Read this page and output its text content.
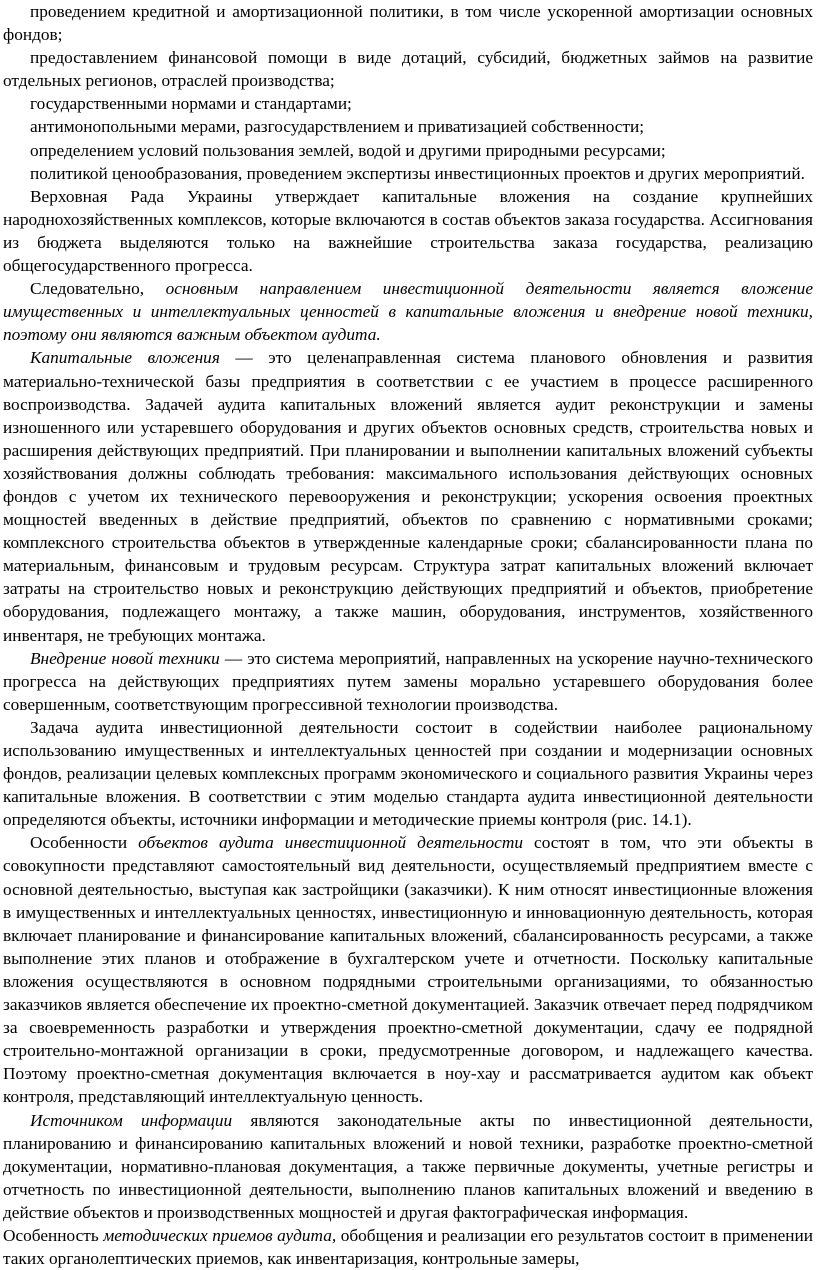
проведением кредитной и амортизационной политики, в том числе ускоренной амортизации основных фондов;

предоставлением финансовой помощи в виде дотаций, субсидий, бюджетных займов на развитие отдельных регионов, отраслей производства;

государственными нормами и стандартами;

антимонопольными мерами, разгосударствлением и приватизацией собственности;

определением условий пользования землей, водой и другими природными ресурсами;

политикой ценообразования, проведением экспертизы инвестиционных проектов и других мероприятий.

Верховная Рада Украины утверждает капитальные вложения на создание крупнейших народнохозяйственных комплексов, которые включаются в состав объектов заказа государства. Ассигнования из бюджета выделяются только на важнейшие строительства заказа государства, реализацию общегосударственного прогресса.

Следовательно, основным направлением инвестиционной деятельности является вложение имущественных и интеллектуальных ценностей в капитальные вложения и внедрение новой техники, поэтому они являются важным объектом аудита.

Капитальные вложения — это целенаправленная система планового обновления и развития материально-технической базы предприятия в соответствии с ее участием в процессе расширенного воспроизводства. Задачей аудита капитальных вложений является аудит реконструкции и замены изношенного или устаревшего оборудования и других объектов основных средств, строительства новых и расширения действующих предприятий. При планировании и выполнении капитальных вложений субъекты хозяйствования должны соблюдать требования: максимального использования действующих основных фондов с учетом их технического перевооружения и реконструкции; ускорения освоения проектных мощностей введенных в действие предприятий, объектов по сравнению с нормативными сроками; комплексного строительства объектов в утвержденные календарные сроки; сбалансированности плана по материальным, финансовым и трудовым ресурсам. Структура затрат капитальных вложений включает затраты на строительство новых и реконструкцию действующих предприятий и объектов, приобретение оборудования, подлежащего монтажу, а также машин, оборудования, инструментов, хозяйственного инвентаря, не требующих монтажа.

Внедрение новой техники — это система мероприятий, направленных на ускорение научно-технического прогресса на действующих предприятиях путем замены морально устаревшего оборудования более совершенным, соответствующим прогрессивной технологии производства.

Задача аудита инвестиционной деятельности состоит в содействии наиболее рациональному использованию имущественных и интеллектуальных ценностей при создании и модернизации основных фондов, реализации целевых комплексных программ экономического и социального развития Украины через капитальные вложения. В соответствии с этим моделью стандарта аудита инвестиционной деятельности определяются объекты, источники информации и методические приемы контроля (рис. 14.1).

Особенности объектов аудита инвестиционной деятельности состоят в том, что эти объекты в совокупности представляют самостоятельный вид деятельности, осуществляемый предприятием вместе с основной деятельностью, выступая как застройщики (заказчики). К ним относят инвестиционные вложения в имущественных и интеллектуальных ценностях, инвестиционную и инновационную деятельность, которая включает планирование и финансирование капитальных вложений, сбалансированность ресурсами, а также выполнение этих планов и отображение в бухгалтерском учете и отчетности. Поскольку капитальные вложения осуществляются в основном подрядными строительными организациями, то обязанностью заказчиков является обеспечение их проектно-сметной документацией. Заказчик отвечает перед подрядчиком за своевременность разработки и утверждения проектно-сметной документации, сдачу ее подрядной строительно-монтажной организации в сроки, предусмотренные договором, и надлежащего качества. Поэтому проектно-сметная документация включается в ноу-хау и рассматривается аудитом как объект контроля, представляющий интеллектуальную ценность.

Источником информации являются законодательные акты по инвестиционной деятельности, планированию и финансированию капитальных вложений и новой техники, разработке проектно-сметной документации, нормативно-плановая документация, а также первичные документы, учетные регистры и отчетность по инвестиционной деятельности, выполнению планов капитальных вложений и введению в действие объектов и производственных мощностей и другая фактографическая информация.

Особенность методических приемов аудита, обобщения и реализации его результатов состоит в применении таких органолептических приемов, как инвентаризация, контрольные замеры,
